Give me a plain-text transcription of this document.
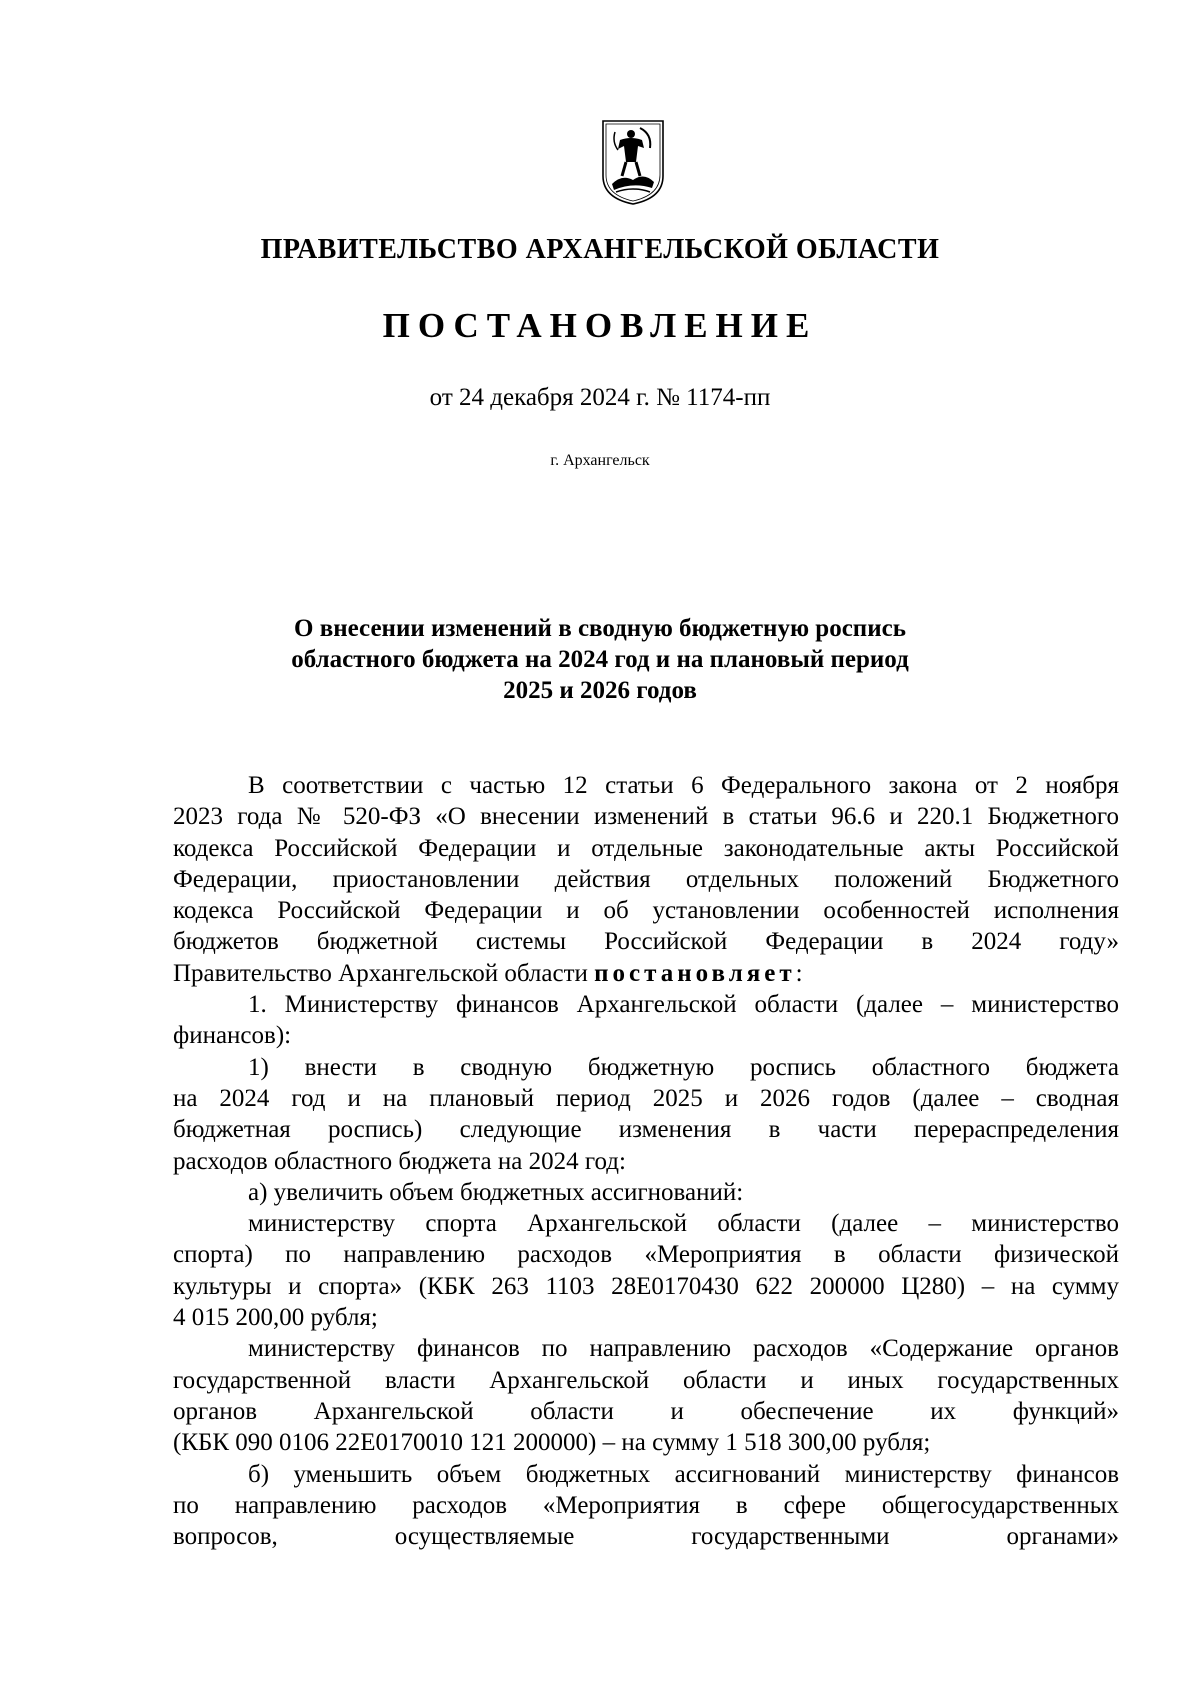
ПРАВИТЕЛЬСТВО АРХАНГЕЛЬСКОЙ ОБЛАСТИ
ПОСТАНОВЛЕНИЕ
от 24 декабря 2024 г. № 1174-пп
г. Архангельск
О внесении изменений в сводную бюджетную роспись
областного бюджета на 2024 год и на плановый период
2025 и 2026 годов
В соответствии с частью 12 статьи 6 Федерального закона от 2 ноября
2023 года № 520-ФЗ «О внесении изменений в статьи 96.6 и 220.1 Бюджетного
кодекса Российской Федерации и отдельные законодательные акты Российской
Федерации, приостановлении действия отдельных положений Бюджетного
кодекса Российской Федерации и об установлении особенностей исполнения
бюджетов бюджетной системы Российской Федерации в 2024 году»
Правительство Архангельской области постановляет:
1. Министерству финансов Архангельской области (далее – министерство
финансов):
1) внести в сводную бюджетную роспись областного бюджета
на 2024 год и на плановый период 2025 и 2026 годов (далее – сводная
бюджетная роспись) следующие изменения в части перераспределения
расходов областного бюджета на 2024 год:
а) увеличить объем бюджетных ассигнований:
министерству спорта Архангельской области (далее – министерство
спорта) по направлению расходов «Мероприятия в области физической
культуры и спорта» (КБК 263 1103 28Е0170430 622 200000 Ц280) – на сумму
4 015 200,00 рубля;
министерству финансов по направлению расходов «Содержание органов
государственной власти Архангельской области и иных государственных
органов Архангельской области и обеспечение их функций»
(КБК 090 0106 22Е0170010 121 200000) – на сумму 1 518 300,00 рубля;
б) уменьшить объем бюджетных ассигнований министерству финансов
по направлению расходов «Мероприятия в сфере общегосударственных
вопросов, осуществляемые государственными органами»
